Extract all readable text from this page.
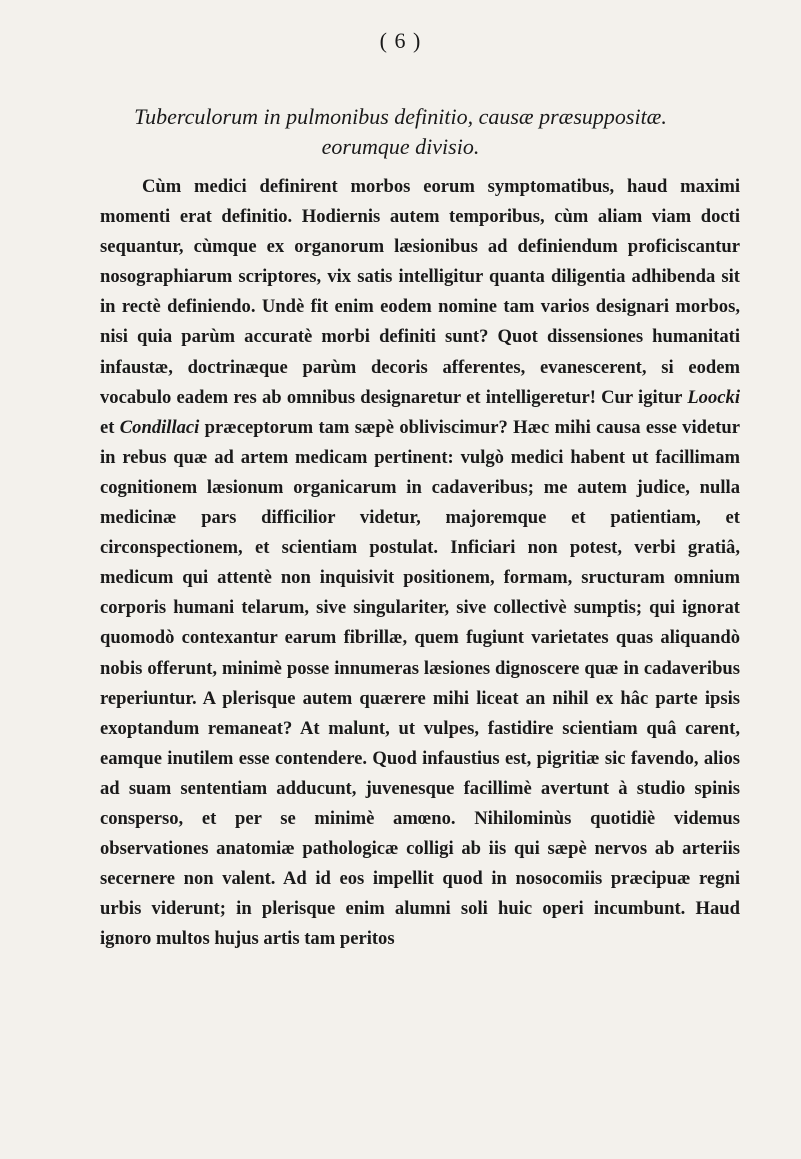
( 6 )
Tuberculorum in pulmonibus definitio, causæ præsuppositæ.
eorumque divisio.

Cùm medici definirent morbos eorum symptomatibus, haud maximi momenti erat definitio. Hodiernis autem temporibus, cùm aliam viam docti sequantur, cùmque ex organorum læsionibus ad definiendum proficiscantur nosographiarum scriptores, vix satis intelligitur quanta diligentia adhibenda sit in rectè definiendo. Undè fit enim eodem nomine tam varios designari morbos, nisi quia parùm accuratè morbi definiti sunt? Quot dissensiones humanitati infaustæ, doctrinæque parùm decoris afferentes, evanescerent, si eodem vocabulo eadem res ab omnibus designaretur et intelligeretur! Cur igitur Loocki et Condillaci præceptorum tam sæpè obliviscimur? Hæc mihi causa esse videtur in rebus quæ ad artem medicam pertinent: vulgò medici habent ut facillimam cognitionem læsionum organicarum in cadaveribus; me autem judice, nulla medicinæ pars difficilior videtur, majoremque et patientiam, et circonspectionem, et scientiam postulat. Inficiari non potest, verbi gratiâ, medicum qui attentè non inquisivit positionem, formam, sructuram omnium corporis humani telarum, sive singulariter, sive collectivè sumptis; qui ignorat quomodò contexantur earum fibrillæ, quem fugiunt varietates quas aliquandò nobis offerunt, minimè posse innumeras læsiones dignoscere quæ in cadaveribus reperiuntur. A plerisque autem quærere mihi liceat an nihil ex hâc parte ipsis exoptandum remaneat? At malunt, ut vulpes, fastidire scientiam quâ carent, eamque inutilem esse contendere. Quod infaustius est, pigritiæ sic favendo, alios ad suam sententiam adducunt, juvenesque facillimè avertunt à studio spinis consperso, et per se minimè amœno. Nihilominùs quotidiè videmus observationes anatomiæ pathologicæ colligi ab iis qui sæpè nervos ab arteriis secernere non valent. Ad id eos impellit quod in nosocomiis præcipuæ regni urbis viderunt; in plerisque enim alumni soli huic operi incumbunt. Haud ignoro multos hujus artis tam peritos
